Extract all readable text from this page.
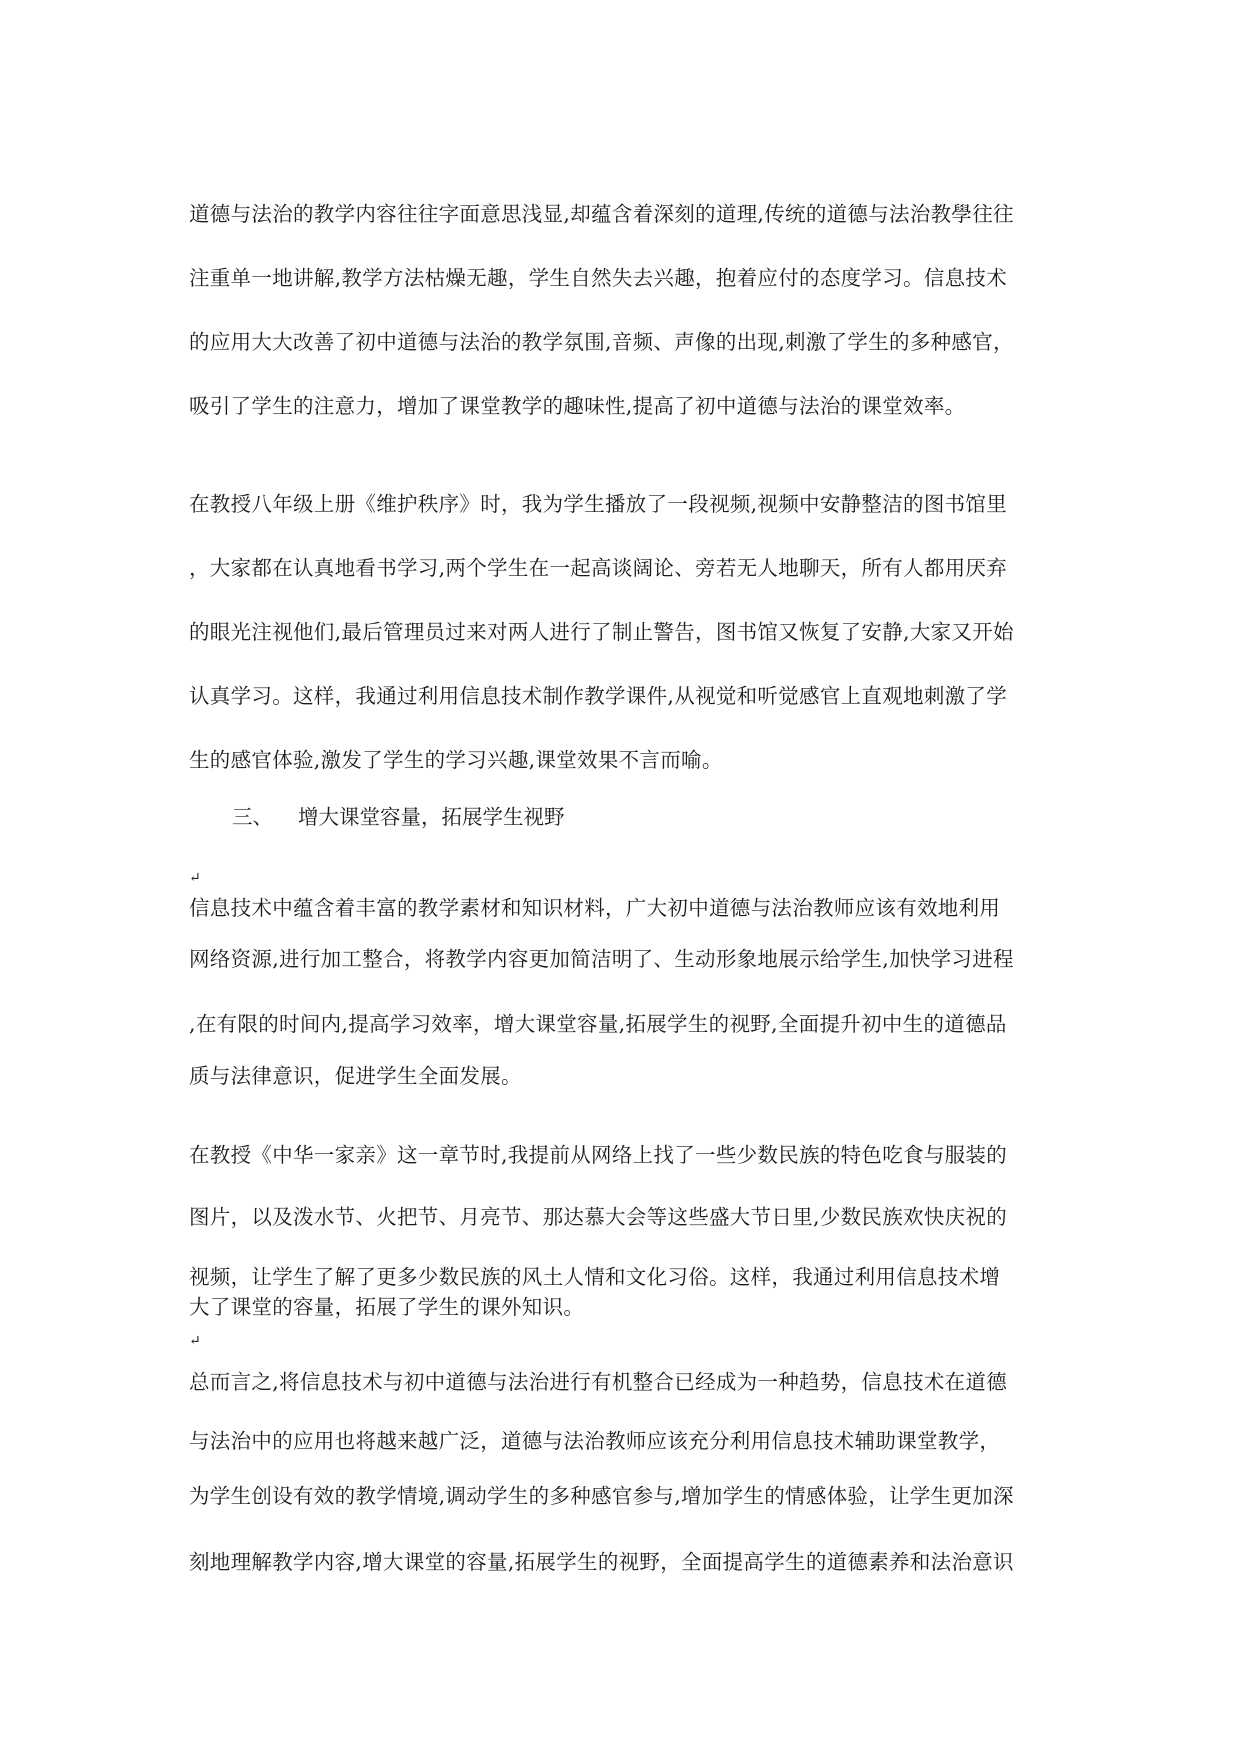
道德与法治的教学内容往往字面意思浅显,却蕴含着深刻的道理,传统的道德与法治教學往往
注重单一地讲解,教学方法枯燥无趣，学生自然失去兴趣，抱着应付的态度学习。信息技术
的应用大大改善了初中道德与法治的教学氛围,音频、声像的出现,刺激了学生的多种感官，
吸引了学生的注意力，增加了课堂教学的趣味性,提高了初中道德与法治的课堂效率。
在教授八年级上册《维护秩序》时，我为学生播放了一段视频,视频中安静整洁的图书馆里
，大家都在认真地看书学习,两个学生在一起高谈阔论、旁若无人地聊天，所有人都用厌弃
的眼光注视他们,最后管理员过来对两人进行了制止警告，图书馆又恢复了安静,大家又开始
认真学习。这样，我通过利用信息技术制作教学课件,从视觉和听觉感官上直观地刺激了学
生的感官体验,激发了学生的学习兴趣,课堂效果不言而喻。
三、 增大课堂容量，拓展学生视野
↵
信息技术中蕴含着丰富的教学素材和知识材料，广大初中道德与法治教师应该有效地利用
网络资源,进行加工整合，将教学内容更加简洁明了、生动形象地展示给学生,加快学习进程
,在有限的时间内,提高学习效率，增大课堂容量,拓展学生的视野,全面提升初中生的道德品
质与法律意识，促进学生全面发展。
在教授《中华一家亲》这一章节时,我提前从网络上找了一些少数民族的特色吃食与服装的
图片，以及泼水节、火把节、月亮节、那达慕大会等这些盛大节日里,少数民族欢快庆祝的
视频，让学生了解了更多少数民族的风土人情和文化习俗。这样，我通过利用信息技术增
大了课堂的容量，拓展了学生的课外知识。
↵
总而言之,将信息技术与初中道德与法治进行有机整合已经成为一种趋势，信息技术在道德
与法治中的应用也将越来越广泛，道德与法治教师应该充分利用信息技术辅助课堂教学，
为学生创设有效的教学情境,调动学生的多种感官参与,增加学生的情感体验，让学生更加深
刻地理解教学内容,增大课堂的容量,拓展学生的视野，全面提高学生的道德素养和法治意识
